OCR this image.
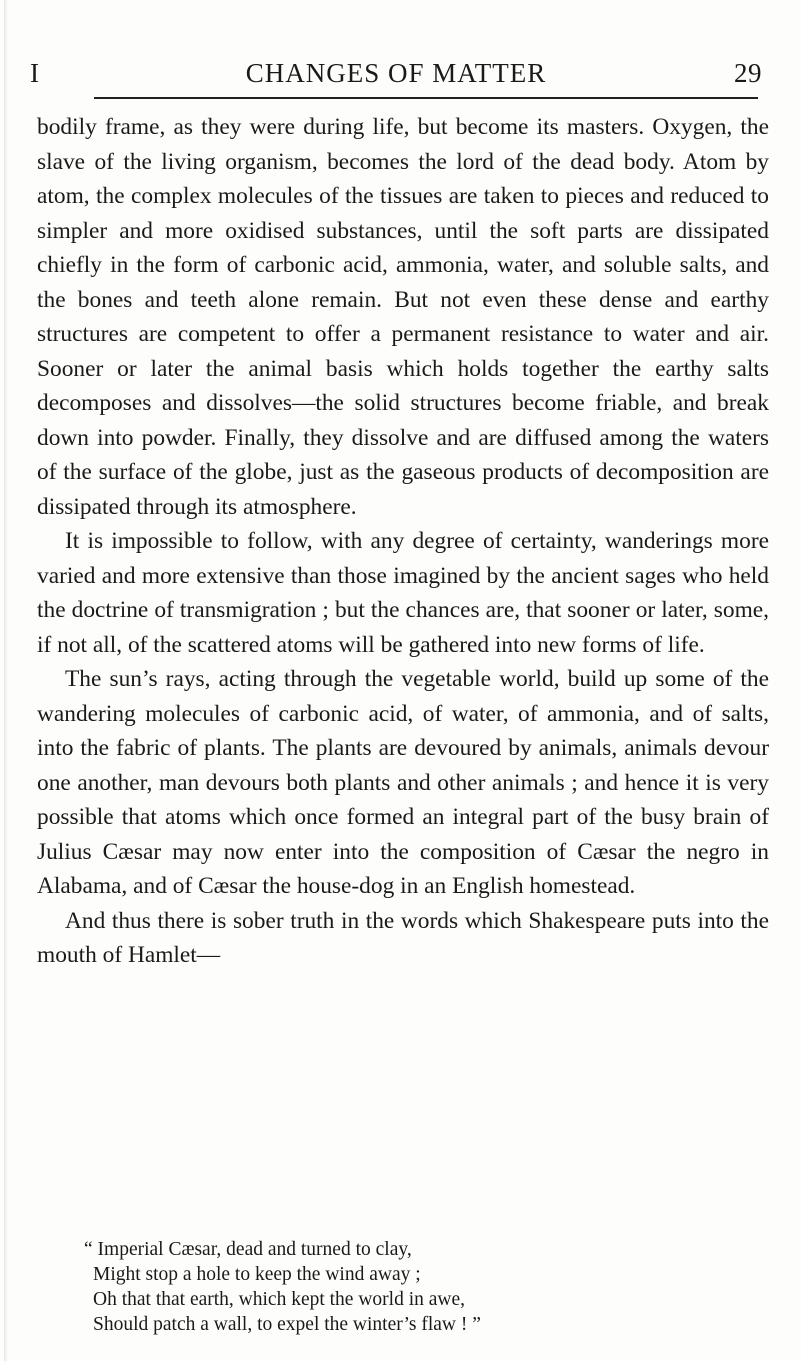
I	CHANGES OF MATTER	29

bodily frame, as they were during life, but become its masters. Oxygen, the slave of the living organism, becomes the lord of the dead body. Atom by atom, the complex molecules of the tissues are taken to pieces and reduced to simpler and more oxidised substances, until the soft parts are dissipated chiefly in the form of carbonic acid, ammonia, water, and soluble salts, and the bones and teeth alone remain. But not even these dense and earthy structures are competent to offer a permanent resistance to water and air. Sooner or later the animal basis which holds together the earthy salts decomposes and dissolves—the solid structures become friable, and break down into powder. Finally, they dissolve and are diffused among the waters of the surface of the globe, just as the gaseous products of decomposition are dissipated through its atmosphere.

It is impossible to follow, with any degree of certainty, wanderings more varied and more extensive than those imagined by the ancient sages who held the doctrine of transmigration ; but the chances are, that sooner or later, some, if not all, of the scattered atoms will be gathered into new forms of life.

The sun’s rays, acting through the vegetable world, build up some of the wandering molecules of carbonic acid, of water, of ammonia, and of salts, into the fabric of plants. The plants are devoured by animals, animals devour one another, man devours both plants and other animals ; and hence it is very possible that atoms which once formed an integral part of the busy brain of Julius Cæsar may now enter into the composition of Cæsar the negro in Alabama, and of Cæsar the house-dog in an English homestead.

And thus there is sober truth in the words which Shakespeare puts into the mouth of Hamlet—

“ Imperial Cæsar, dead and turned to clay,
Might stop a hole to keep the wind away ;
Oh that that earth, which kept the world in awe,
Should patch a wall, to expel the winter’s flaw ! ”
